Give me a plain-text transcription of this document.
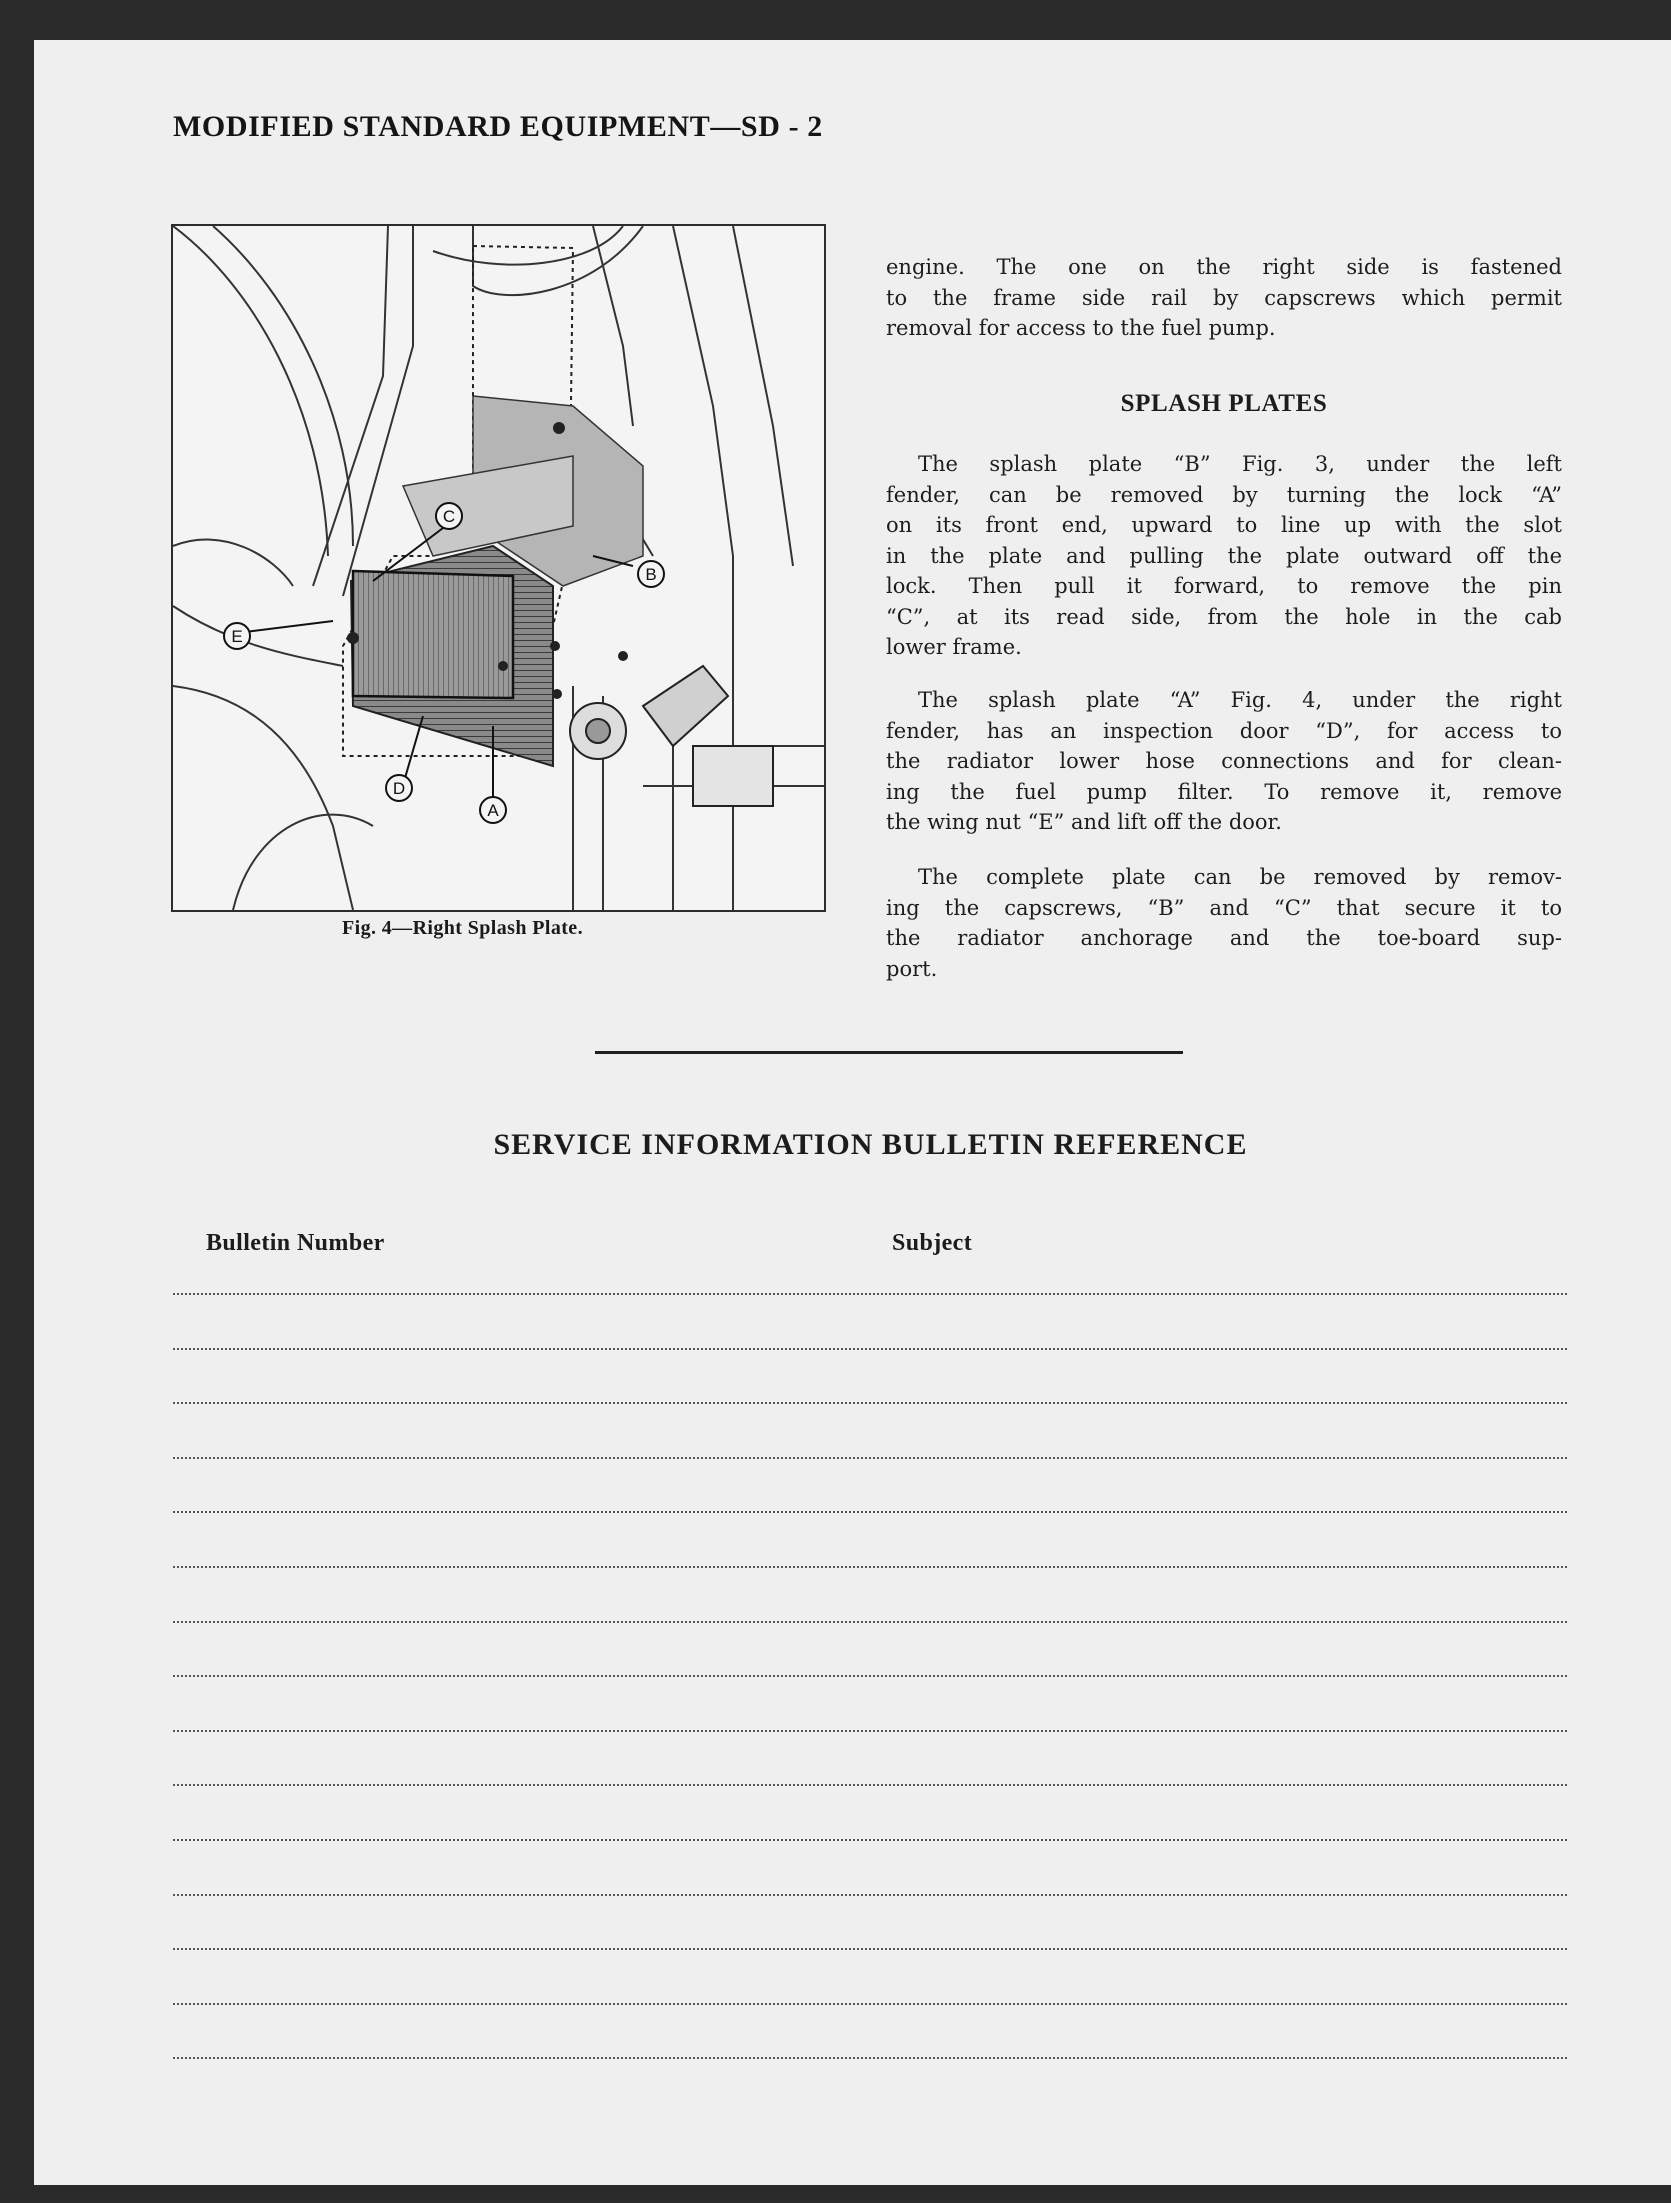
MODIFIED STANDARD EQUIPMENT—SD - 2
C
B
E
D
A
Fig. 4—Right Splash Plate.
engine. The one on the right side is fastened
to the frame side rail by capscrews which permit
removal for access to the fuel pump.
SPLASH PLATES
The splash plate “B” Fig. 3, under the left
fender, can be removed by turning the lock “A”
on its front end, upward to line up with the slot
in the plate and pulling the plate outward off the
lock. Then pull it forward, to remove the pin
“C”, at its read side, from the hole in the cab
lower frame.
The splash plate “A” Fig. 4, under the right
fender, has an inspection door “D”, for access to
the radiator lower hose connections and for clean-
ing the fuel pump filter. To remove it, remove
the wing nut “E” and lift off the door.
The complete plate can be removed by remov-
ing the capscrews, “B” and “C” that secure it to
the radiator anchorage and the toe-board sup-
port.
SERVICE INFORMATION BULLETIN REFERENCE
Bulletin Number	Subject
